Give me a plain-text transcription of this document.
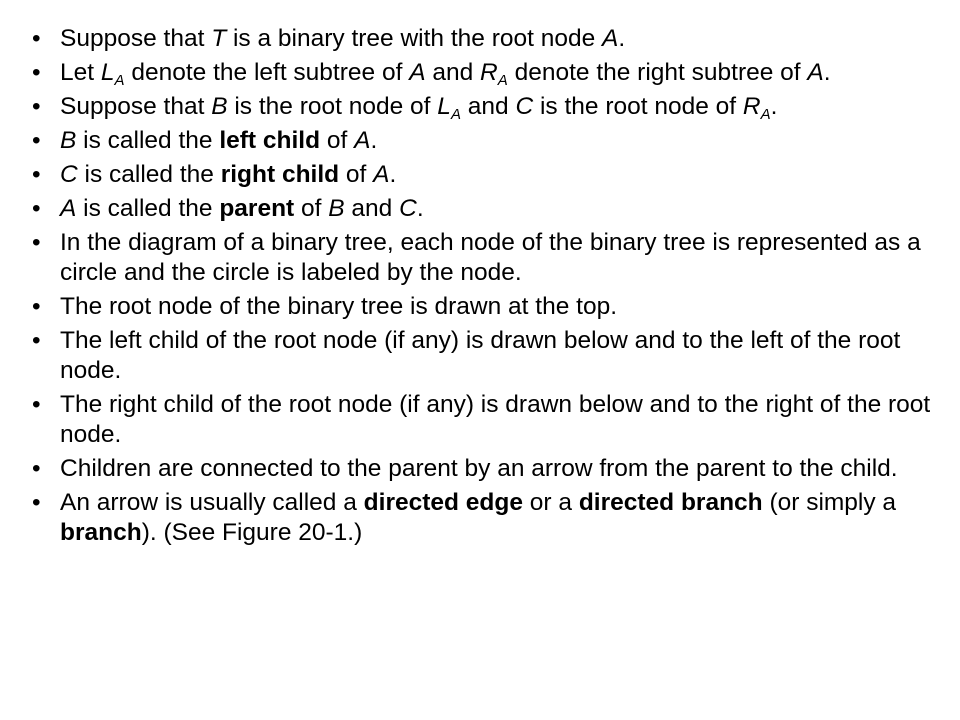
• Suppose that T is a binary tree with the root node A.
• Let $L_A$ denote the left subtree of A and $R_A$ denote the right subtree of A.
• Suppose that B is the root node of $L_A$ and C is the root node of $R_A$.
• B is called the left child of A.
• C is called the right child of A.
• A is called the parent of B and C.
• In the diagram of a binary tree, each node of the binary tree is represented as a circle and the circle is labeled by the node.
• The root node of the binary tree is drawn at the top.
• The left child of the root node (if any) is drawn below and to the left of the root node.
• The right child of the root node (if any) is drawn below and to the right of the root node.
• Children are connected to the parent by an arrow from the parent to the child.
• An arrow is usually called a directed edge or a directed branch (or simply a branch). (See Figure 20-1.)
